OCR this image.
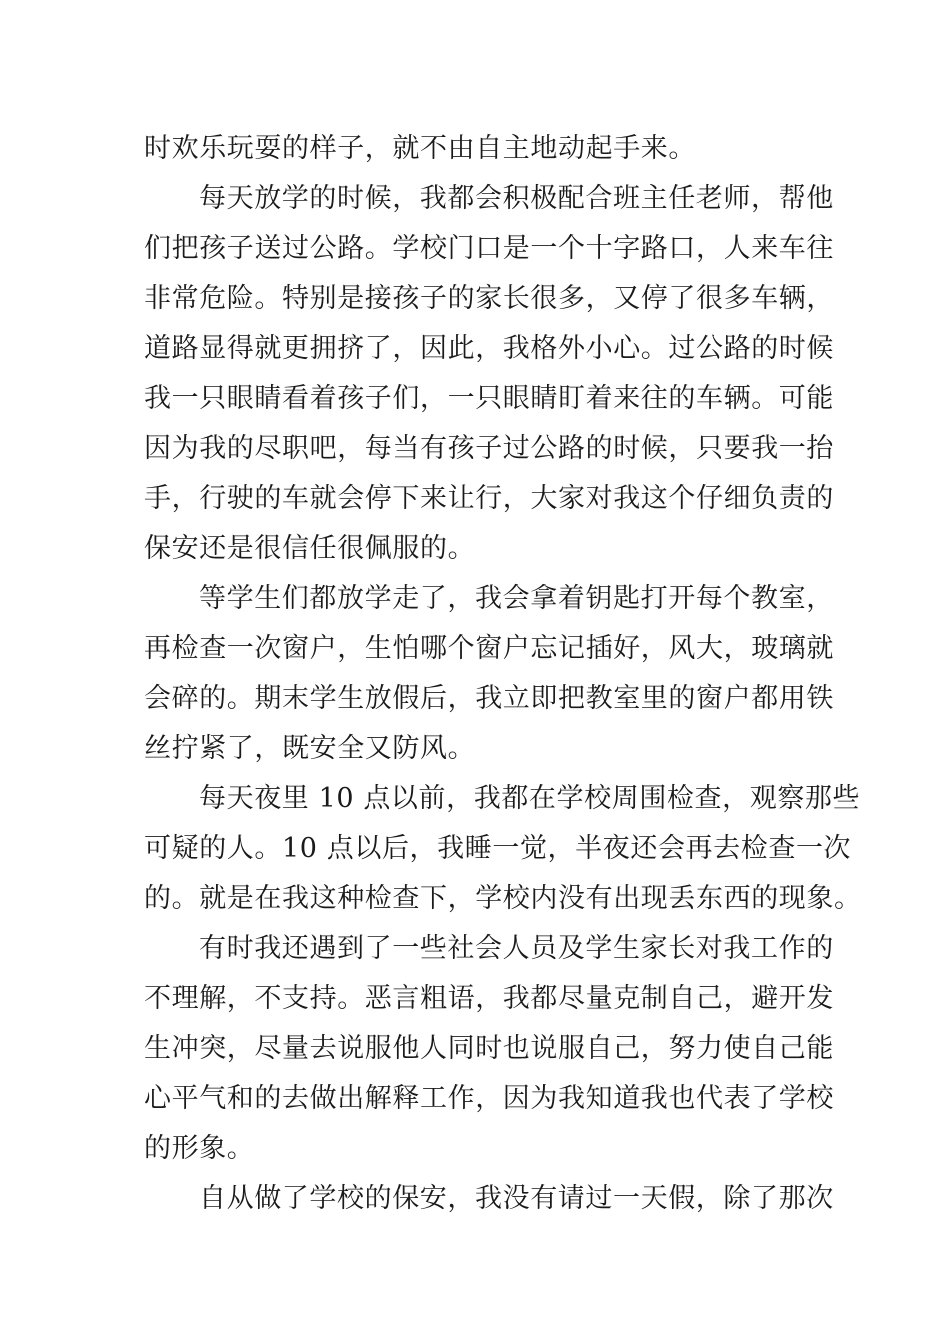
时欢乐玩耍的样子，就不由自主地动起手来。
每天放学的时候，我都会积极配合班主任老师，帮他
们把孩子送过公路。学校门口是一个十字路口，人来车往
非常危险。特别是接孩子的家长很多，又停了很多车辆，
道路显得就更拥挤了，因此，我格外小心。过公路的时候
我一只眼睛看着孩子们，一只眼睛盯着来往的车辆。可能
因为我的尽职吧，每当有孩子过公路的时候，只要我一抬
手，行驶的车就会停下来让行，大家对我这个仔细负责的
保安还是很信任很佩服的。
等学生们都放学走了，我会拿着钥匙打开每个教室，
再检查一次窗户，生怕哪个窗户忘记插好，风大，玻璃就
会碎的。期末学生放假后，我立即把教室里的窗户都用铁
丝拧紧了，既安全又防风。
每天夜里 10 点以前，我都在学校周围检查，观察那些
可疑的人。10 点以后，我睡一觉，半夜还会再去检查一次
的。就是在我这种检查下，学校内没有出现丢东西的现象。
有时我还遇到了一些社会人员及学生家长对我工作的
不理解，不支持。恶言粗语，我都尽量克制自己，避开发
生冲突，尽量去说服他人同时也说服自己，努力使自己能
心平气和的去做出解释工作，因为我知道我也代表了学校
的形象。
自从做了学校的保安，我没有请过一天假，除了那次
